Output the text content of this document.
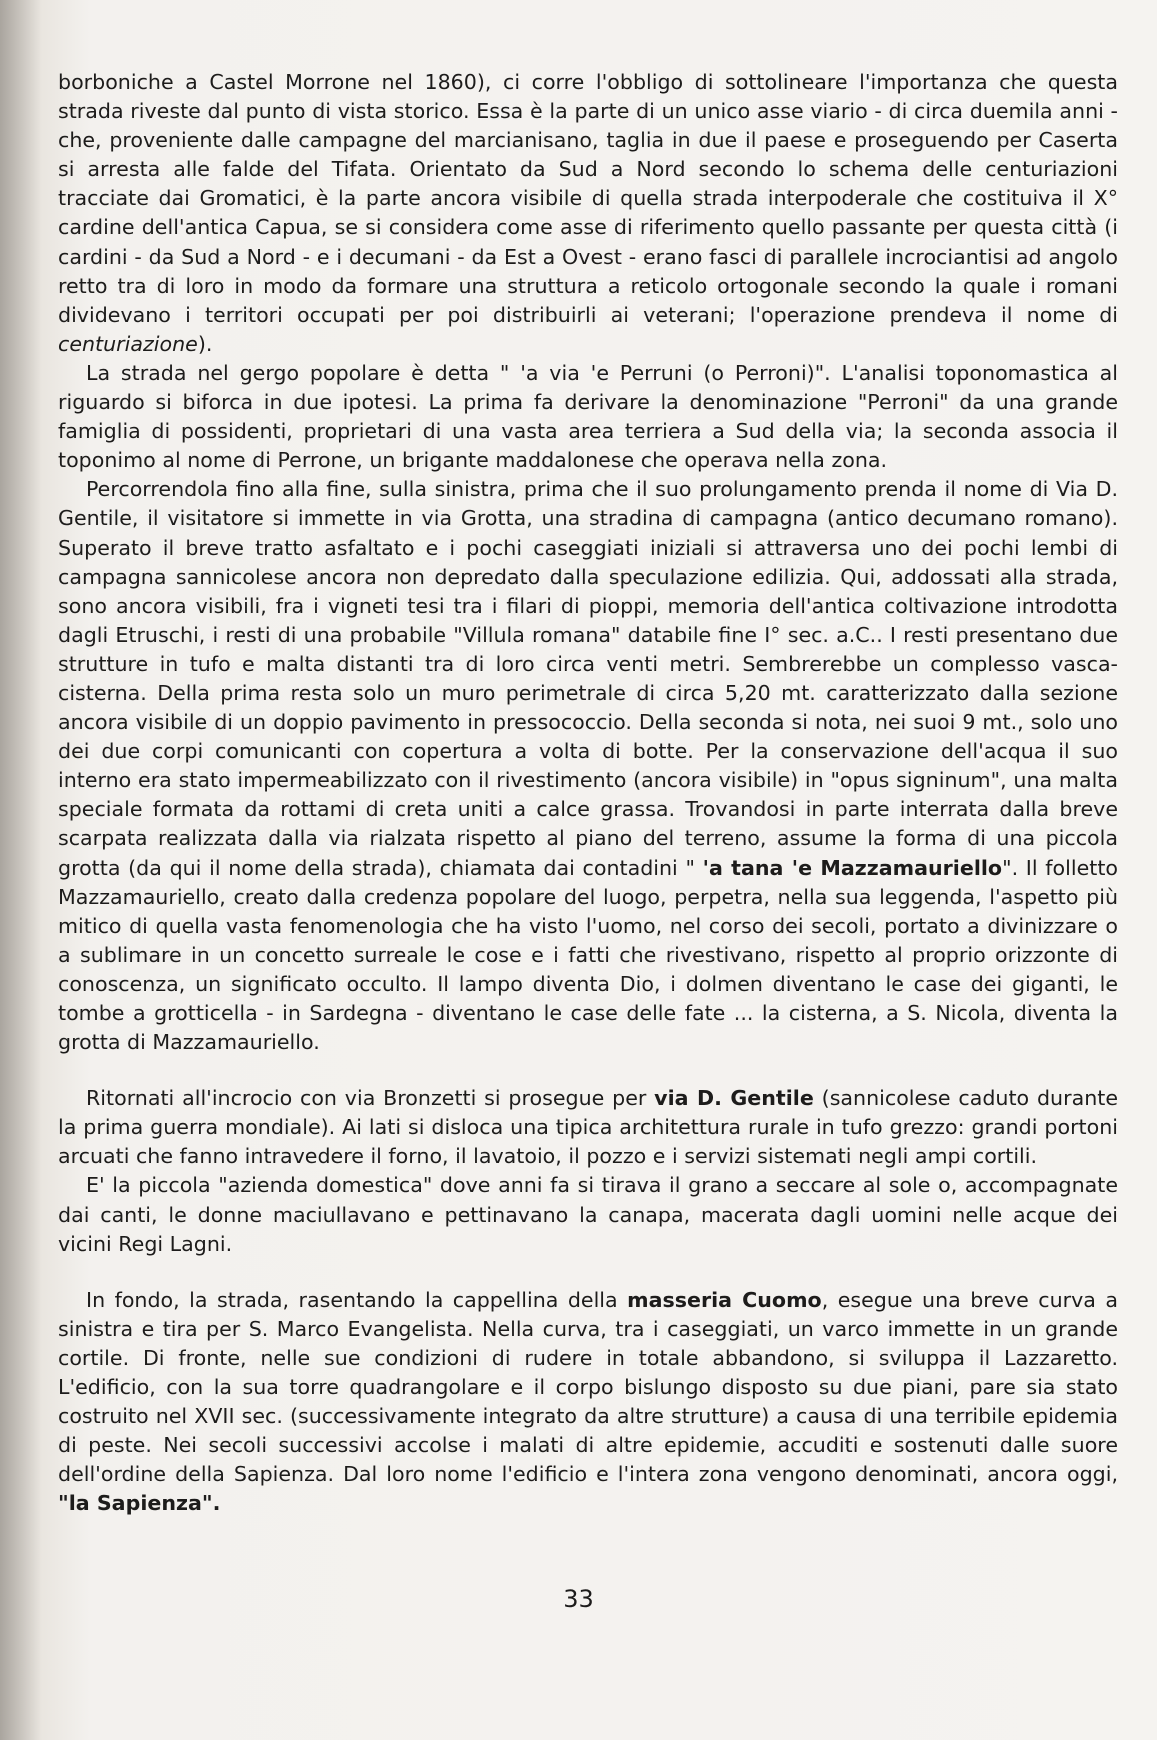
borboniche a Castel Morrone nel 1860), ci corre l'obbligo di sottolineare l'importanza che questa strada riveste dal punto di vista storico. Essa è la parte di un unico asse viario - di circa duemila anni - che, proveniente dalle campagne del marcianisano, taglia in due il paese e proseguendo per Caserta si arresta alle falde del Tifata. Orientato da Sud a Nord secondo lo schema delle centuriazioni tracciate dai Gromatici, è la parte ancora visibile di quella strada interpoderale che costituiva il X° cardine dell'antica Capua, se si considera come asse di riferimento quello passante per questa città (i cardini - da Sud a Nord - e i decumani - da Est a Ovest - erano fasci di parallele incrociantisi ad angolo retto tra di loro in modo da formare una struttura a reticolo ortogonale secondo la quale i romani dividevano i territori occupati per poi distribuirli ai veterani; l'operazione prendeva il nome di centuriazione).

La strada nel gergo popolare è detta " 'a via 'e Perruni (o Perroni)". L'analisi toponomastica al riguardo si biforca in due ipotesi. La prima fa derivare la denominazione "Perroni" da una grande famiglia di possidenti, proprietari di una vasta area terriera a Sud della via; la seconda associa il toponimo al nome di Perrone, un brigante maddalonese che operava nella zona.

Percorrendola fino alla fine, sulla sinistra, prima che il suo prolungamento prenda il nome di Via D. Gentile, il visitatore si immette in via Grotta, una stradina di campagna (antico decumano romano). Superato il breve tratto asfaltato e i pochi caseggiati iniziali si attraversa uno dei pochi lembi di campagna sannicolese ancora non depredato dalla speculazione edilizia. Qui, addossati alla strada, sono ancora visibili, fra i vigneti tesi tra i filari di pioppi, memoria dell'antica coltivazione introdotta dagli Etruschi, i resti di una probabile "Villula romana" databile fine I° sec. a.C.. I resti presentano due strutture in tufo e malta distanti tra di loro circa venti metri. Sembrerebbe un complesso vasca-cisterna. Della prima resta solo un muro perimetrale di circa 5,20 mt. caratterizzato dalla sezione ancora visibile di un doppio pavimento in pressococcio. Della seconda si nota, nei suoi 9 mt., solo uno dei due corpi comunicanti con copertura a volta di botte. Per la conservazione dell'acqua il suo interno era stato impermeabilizzato con il rivestimento (ancora visibile) in "opus signinum", una malta speciale formata da rottami di creta uniti a calce grassa. Trovandosi in parte interrata dalla breve scarpata realizzata dalla via rialzata rispetto al piano del terreno, assume la forma di una piccola grotta (da qui il nome della strada), chiamata dai contadini " 'a tana 'e Mazzamauriello". Il folletto Mazzamauriello, creato dalla credenza popolare del luogo, perpetra, nella sua leggenda, l'aspetto più mitico di quella vasta fenomenologia che ha visto l'uomo, nel corso dei secoli, portato a divinizzare o a sublimare in un concetto surreale le cose e i fatti che rivestivano, rispetto al proprio orizzonte di conoscenza, un significato occulto. Il lampo diventa Dio, i dolmen diventano le case dei giganti, le tombe a grotticella - in Sardegna - diventano le case delle fate ... la cisterna, a S. Nicola, diventa la grotta di Mazzamauriello.

Ritornati all'incrocio con via Bronzetti si prosegue per via D. Gentile (sannicolese caduto durante la prima guerra mondiale). Ai lati si disloca una tipica architettura rurale in tufo grezzo: grandi portoni arcuati che fanno intravedere il forno, il lavatoio, il pozzo e i servizi sistemati negli ampi cortili.

E' la piccola "azienda domestica" dove anni fa si tirava il grano a seccare al sole o, accompagnate dai canti, le donne maciullavano e pettinavano la canapa, macerata dagli uomini nelle acque dei vicini Regi Lagni.

In fondo, la strada, rasentando la cappellina della masseria Cuomo, esegue una breve curva a sinistra e tira per S. Marco Evangelista. Nella curva, tra i caseggiati, un varco immette in un grande cortile. Di fronte, nelle sue condizioni di rudere in totale abbandono, si sviluppa il Lazzaretto. L'edificio, con la sua torre quadrangolare e il corpo bislungo disposto su due piani, pare sia stato costruito nel XVII sec. (successivamente integrato da altre strutture) a causa di una terribile epidemia di peste. Nei secoli successivi accolse i malati di altre epidemie, accuditi e sostenuti dalle suore dell'ordine della Sapienza. Dal loro nome l'edificio e l'intera zona vengono denominati, ancora oggi, "la Sapienza".

33
